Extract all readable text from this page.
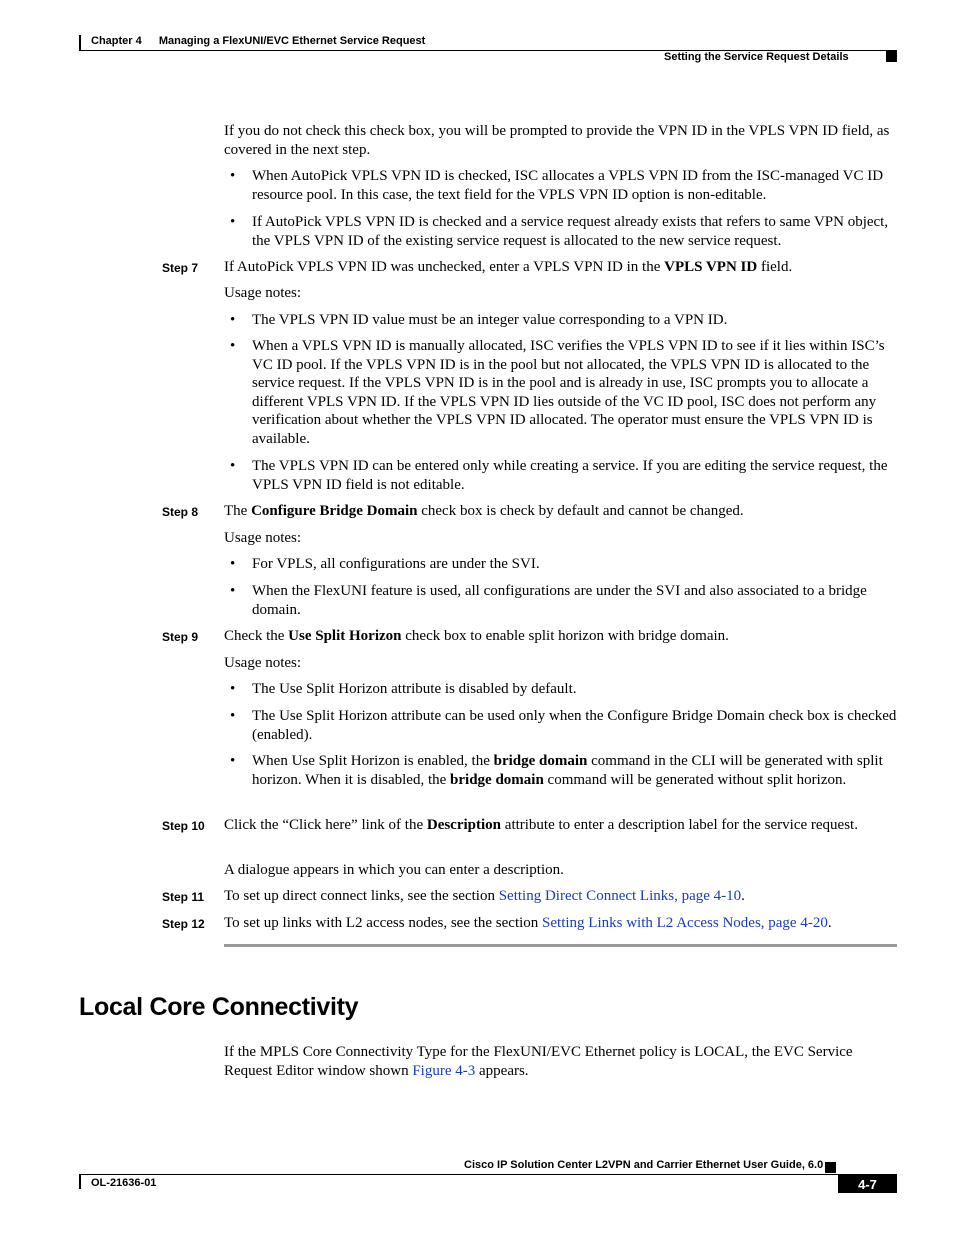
Chapter 4 Managing a FlexUNI/EVC Ethernet Service Request
Setting the Service Request Details
If you do not check this check box, you will be prompted to provide the VPN ID in the VPLS VPN ID field, as covered in the next step.
• When AutoPick VPLS VPN ID is checked, ISC allocates a VPLS VPN ID from the ISC-managed VC ID resource pool. In this case, the text field for the VPLS VPN ID option is non-editable.
• If AutoPick VPLS VPN ID is checked and a service request already exists that refers to same VPN object, the VPLS VPN ID of the existing service request is allocated to the new service request.
Step 7 If AutoPick VPLS VPN ID was unchecked, enter a VPLS VPN ID in the VPLS VPN ID field.
Usage notes:
• The VPLS VPN ID value must be an integer value corresponding to a VPN ID.
• When a VPLS VPN ID is manually allocated, ISC verifies the VPLS VPN ID to see if it lies within ISC’s VC ID pool. If the VPLS VPN ID is in the pool but not allocated, the VPLS VPN ID is allocated to the service request. If the VPLS VPN ID is in the pool and is already in use, ISC prompts you to allocate a different VPLS VPN ID. If the VPLS VPN ID lies outside of the VC ID pool, ISC does not perform any verification about whether the VPLS VPN ID allocated. The operator must ensure the VPLS VPN ID is available.
• The VPLS VPN ID can be entered only while creating a service. If you are editing the service request, the VPLS VPN ID field is not editable.
Step 8 The Configure Bridge Domain check box is check by default and cannot be changed.
Usage notes:
• For VPLS, all configurations are under the SVI.
• When the FlexUNI feature is used, all configurations are under the SVI and also associated to a bridge domain.
Step 9 Check the Use Split Horizon check box to enable split horizon with bridge domain.
Usage notes:
• The Use Split Horizon attribute is disabled by default.
• The Use Split Horizon attribute can be used only when the Configure Bridge Domain check box is checked (enabled).
• When Use Split Horizon is enabled, the bridge domain command in the CLI will be generated with split horizon. When it is disabled, the bridge domain command will be generated without split horizon.
Step 10 Click the “Click here” link of the Description attribute to enter a description label for the service request.
A dialogue appears in which you can enter a description.
Step 11 To set up direct connect links, see the section Setting Direct Connect Links, page 4-10.
Step 12 To set up links with L2 access nodes, see the section Setting Links with L2 Access Nodes, page 4-20.
Local Core Connectivity
If the MPLS Core Connectivity Type for the FlexUNI/EVC Ethernet policy is LOCAL, the EVC Service Request Editor window shown Figure 4-3 appears.
Cisco IP Solution Center L2VPN and Carrier Ethernet User Guide, 6.0
OL-21636-01	4-7
